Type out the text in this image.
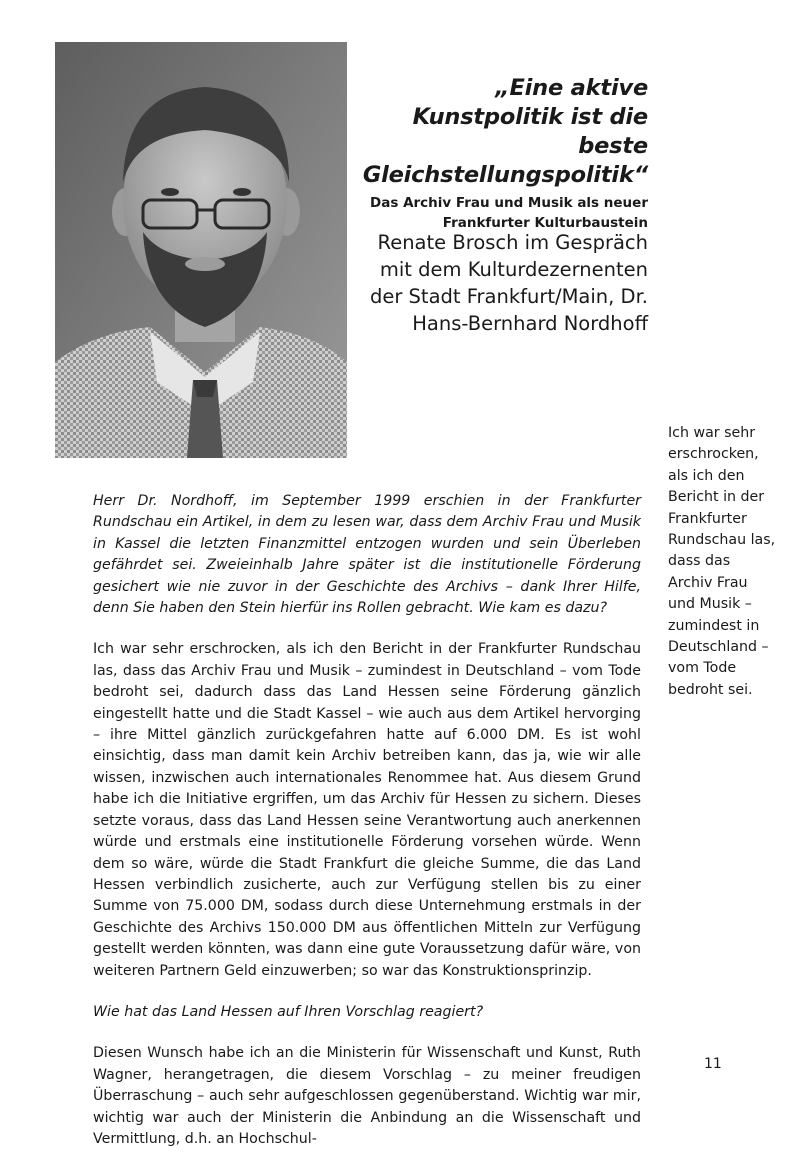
„Eine aktive Kunstpolitik ist die beste Gleichstellungspolitik“

Das Archiv Frau und Musik als neuer Frankfurter Kulturbaustein

Renate Brosch im Gespräch mit dem Kulturdezernenten der Stadt Frankfurt/Main, Dr. Hans-Bernhard Nordhoff

Herr Dr. Nordhoff, im September 1999 erschien in der Frankfurter Rundschau ein Artikel, in dem zu lesen war, dass dem Archiv Frau und Musik in Kassel die letzten Finanzmittel entzogen wurden und sein Überleben gefährdet sei. Zweieinhalb Jahre später ist die institutionelle Förderung gesichert wie nie zuvor in der Geschichte des Archivs – dank Ihrer Hilfe, denn Sie haben den Stein hierfür ins Rollen gebracht. Wie kam es dazu?

Ich war sehr erschrocken, als ich den Bericht in der Frankfurter Rundschau las, dass das Archiv Frau und Musik – zumindest in Deutschland – vom Tode bedroht sei, dadurch dass das Land Hessen seine Förderung gänzlich eingestellt hatte und die Stadt Kassel – wie auch aus dem Artikel hervorging – ihre Mittel gänzlich zurückgefahren hatte auf 6.000 DM. Es ist wohl einsichtig, dass man damit kein Archiv betreiben kann, das ja, wie wir alle wissen, inzwischen auch internationales Renommee hat. Aus diesem Grund habe ich die Initiative ergriffen, um das Archiv für Hessen zu sichern. Dieses setzte voraus, dass das Land Hessen seine Verantwortung auch anerkennen würde und erstmals eine institutionelle Förderung vorsehen würde. Wenn dem so wäre, würde die Stadt Frankfurt die gleiche Summe, die das Land Hessen verbindlich zusicherte, auch zur Verfügung stellen bis zu einer Summe von 75.000 DM, sodass durch diese Unternehmung erstmals in der Geschichte des Archivs 150.000 DM aus öffentlichen Mitteln zur Verfügung gestellt werden könnten, was dann eine gute Voraussetzung dafür wäre, von weiteren Partnern Geld einzuwerben; so war das Konstruktionsprinzip.

Wie hat das Land Hessen auf Ihren Vorschlag reagiert?

Diesen Wunsch habe ich an die Ministerin für Wissenschaft und Kunst, Ruth Wagner, herangetragen, die diesem Vorschlag – zu meiner freudigen Überraschung – auch sehr aufgeschlossen gegenüberstand. Wichtig war mir, wichtig war auch der Ministerin die Anbindung an die Wissenschaft und Vermittlung, d.h. an Hochschul-

Ich war sehr erschrocken, als ich den Bericht in der Frankfurter Rundschau las, dass das Archiv Frau und Musik – zumindest in Deutschland – vom Tode bedroht sei.

11
